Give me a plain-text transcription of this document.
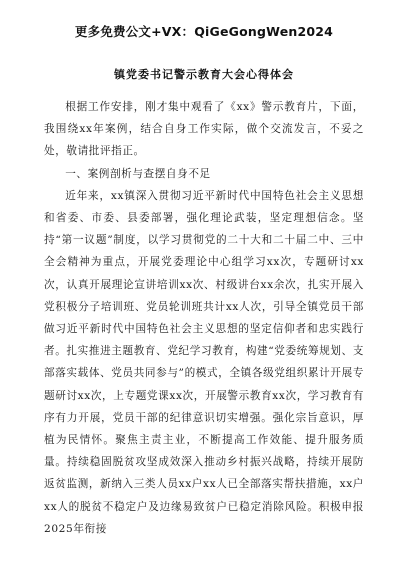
更多免费公文+VX：QiGeGongWen2024
镇党委书记警示教育大会心得体会

根据工作安排，刚才集中观看了《xx》警示教育片，下面，我围绕xx年案例，结合自身工作实际，做个交流发言，不妥之处，敬请批评指正。

一、案例剖析与查摆自身不足

近年来，xx镇深入贯彻习近平新时代中国特色社会主义思想和省委、市委、县委部署，强化理论武装，坚定理想信念。坚持“第一议题”制度，以学习贯彻党的二十大和二十届二中、三中全会精神为重点，开展党委理论中心组学习xx次，专题研讨xx次，认真开展理论宣讲培训xx次、村级讲台xx余次，扎实开展入党积极分子培训班、党员轮训班共计xx人次，引导全镇党员干部做习近平新时代中国特色社会主义思想的坚定信仰者和忠实践行者。扎实推进主题教育、党纪学习教育，构建“党委统筹规划、支部落实载体、党员共同参与”的模式，全镇各级党组织累计开展专题研讨xx次，上专题党课xx次，开展警示教育xx次，学习教育有序有力开展，党员干部的纪律意识切实增强。强化宗旨意识，厚植为民情怀。聚焦主责主业，不断提高工作效能、提升服务质量。持续稳固脱贫攻坚成效深入推动乡村振兴战略，持续开展防返贫监测，新纳入三类人员xx户xx人已全部落实帮扶措施，xx户xx人的脱贫不稳定户及边缘易致贫户已稳定消除风险。积极申报2025年衔接
